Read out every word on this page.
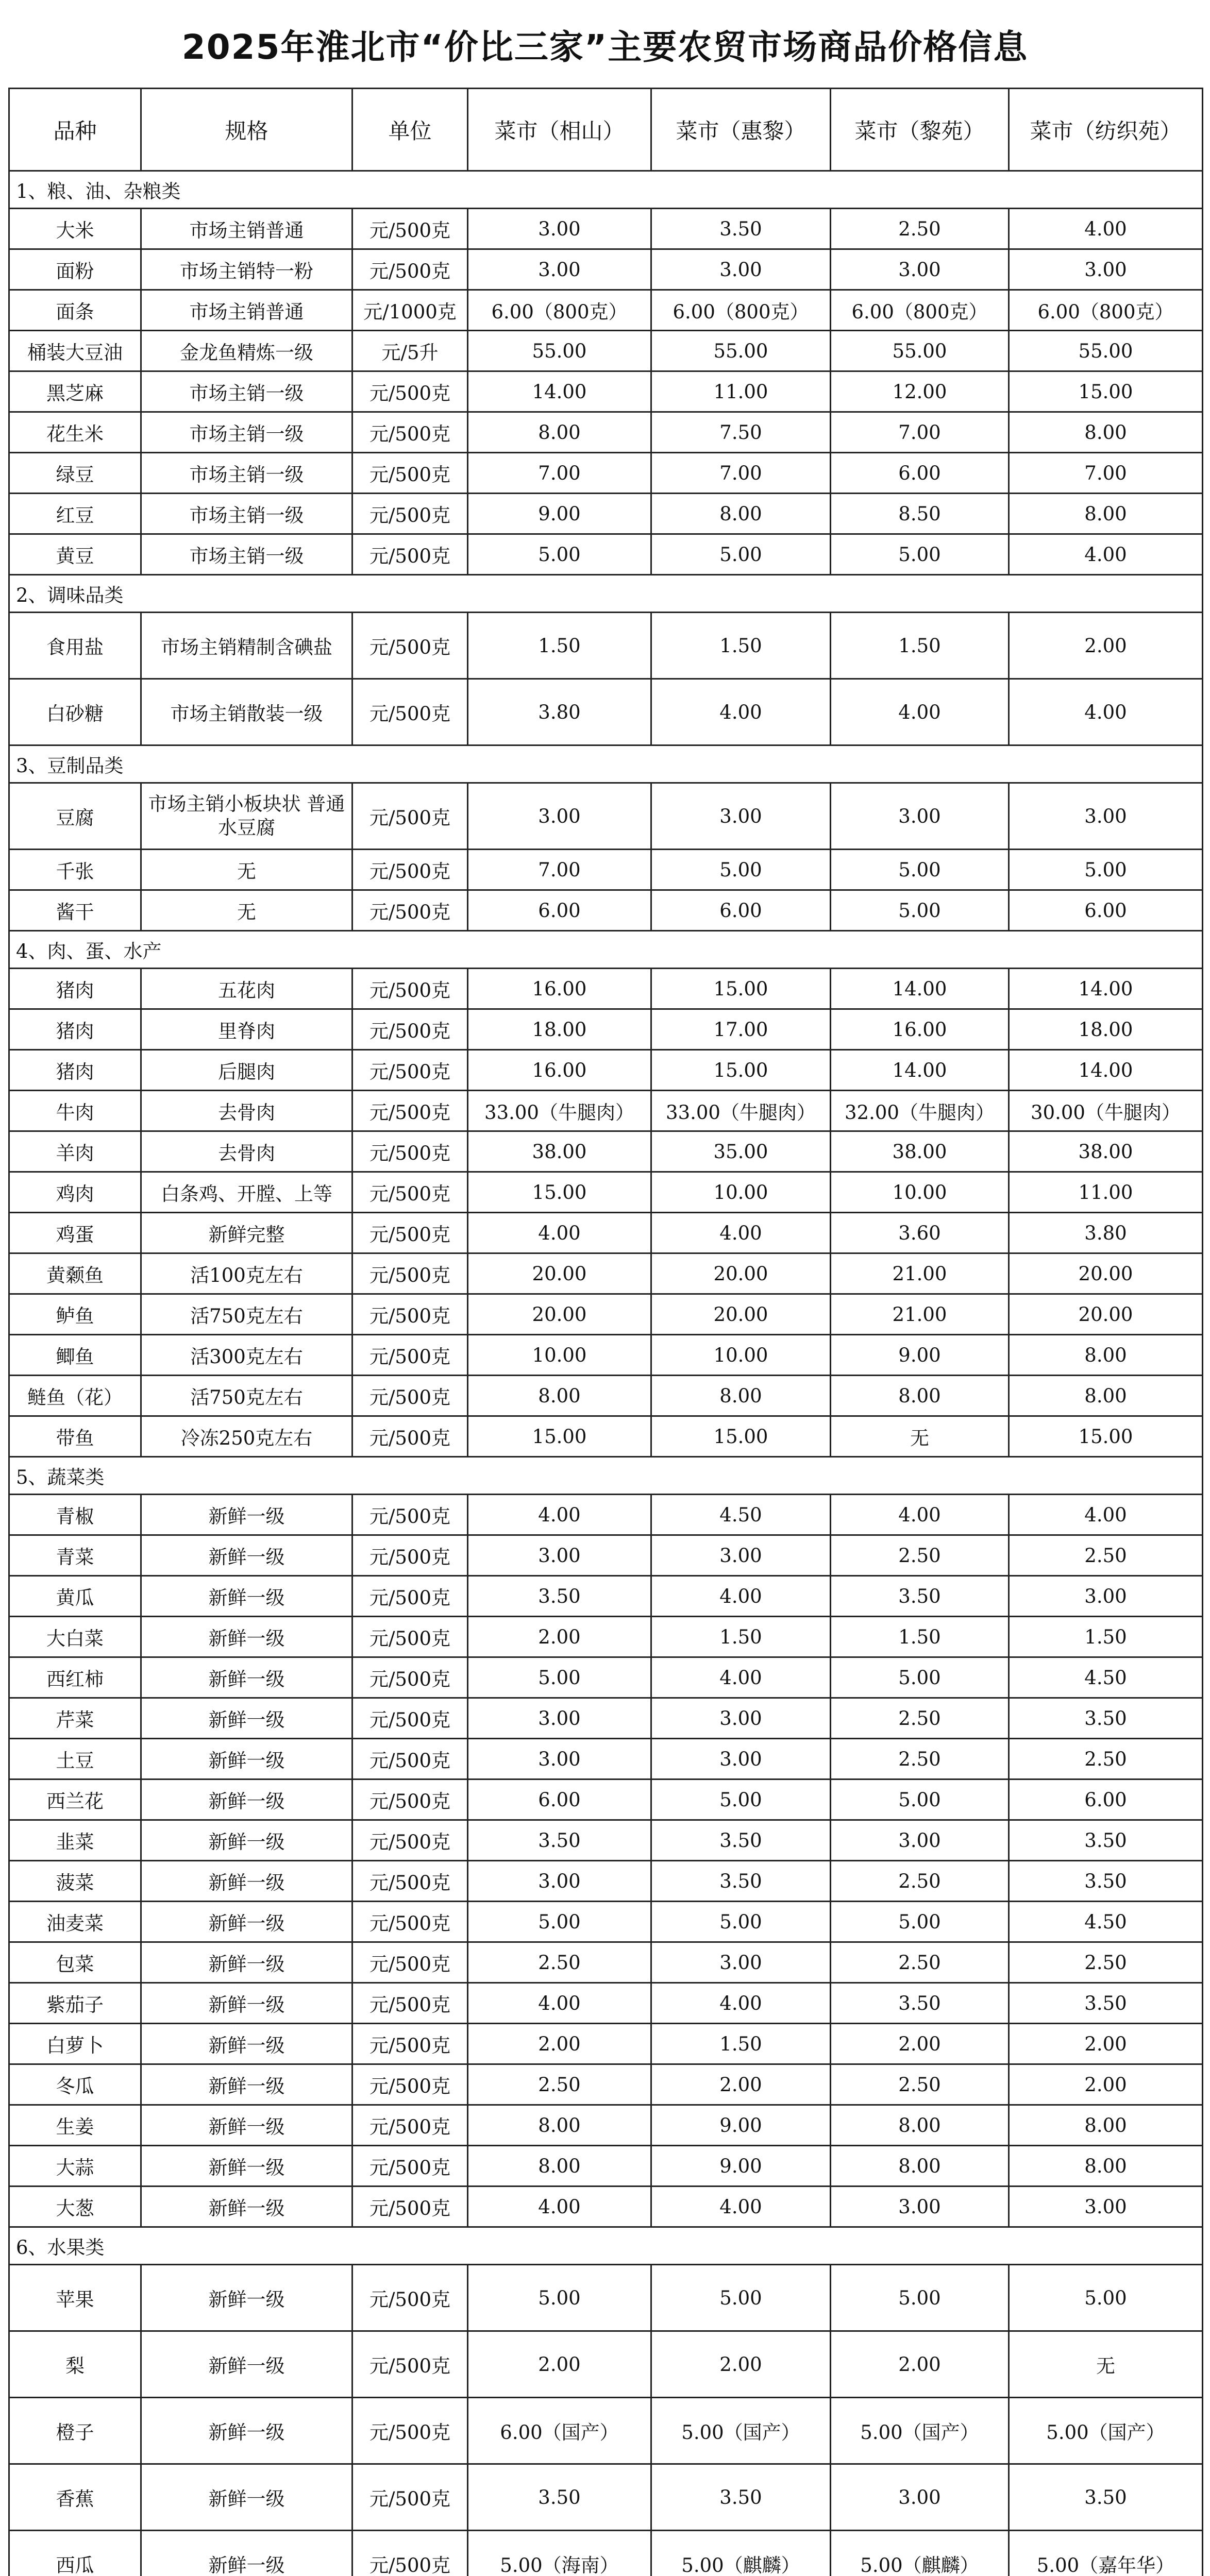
2025年淮北市“价比三家”主要农贸市场商品价格信息
品种	规格	单位	菜市（相山）	菜市（惠黎）	菜市（黎苑）	菜市（纺织苑）
1、粮、油、杂粮类						
大米	市场主销普通	元/500克	3.00	3.50	2.50	4.00
面粉	市场主销特一粉	元/500克	3.00	3.00	3.00	3.00
面条	市场主销普通	元/1000克	6.00（800克）	6.00（800克）	6.00（800克）	6.00（800克）
桶装大豆油	金龙鱼精炼一级	元/5升	55.00	55.00	55.00	55.00
黑芝麻	市场主销一级	元/500克	14.00	11.00	12.00	15.00
花生米	市场主销一级	元/500克	8.00	7.50	7.00	8.00
绿豆	市场主销一级	元/500克	7.00	7.00	6.00	7.00
红豆	市场主销一级	元/500克	9.00	8.00	8.50	8.00
黄豆	市场主销一级	元/500克	5.00	5.00	5.00	4.00
2、调味品类						
食用盐	市场主销精制含碘盐	元/500克	1.50	1.50	1.50	2.00
白砂糖	市场主销散装一级	元/500克	3.80	4.00	4.00	4.00
3、豆制品类						
豆腐	市场主销小板块状 普通水豆腐	元/500克	3.00	3.00	3.00	3.00
千张	无	元/500克	7.00	5.00	5.00	5.00
酱干	无	元/500克	6.00	6.00	5.00	6.00
4、肉、蛋、水产						
猪肉	五花肉	元/500克	16.00	15.00	14.00	14.00
猪肉	里脊肉	元/500克	18.00	17.00	16.00	18.00
猪肉	后腿肉	元/500克	16.00	15.00	14.00	14.00
牛肉	去骨肉	元/500克	33.00（牛腿肉）	33.00（牛腿肉）	32.00（牛腿肉）	30.00（牛腿肉）
羊肉	去骨肉	元/500克	38.00	35.00	38.00	38.00
鸡肉	白条鸡、开膛、上等	元/500克	15.00	10.00	10.00	11.00
鸡蛋	新鲜完整	元/500克	4.00	4.00	3.60	3.80
黄颡鱼	活100克左右	元/500克	20.00	20.00	21.00	20.00
鲈鱼	活750克左右	元/500克	20.00	20.00	21.00	20.00
鲫鱼	活300克左右	元/500克	10.00	10.00	9.00	8.00
鲢鱼（花）	活750克左右	元/500克	8.00	8.00	8.00	8.00
带鱼	冷冻250克左右	元/500克	15.00	15.00	无	15.00
5、蔬菜类						
青椒	新鲜一级	元/500克	4.00	4.50	4.00	4.00
青菜	新鲜一级	元/500克	3.00	3.00	2.50	2.50
黄瓜	新鲜一级	元/500克	3.50	4.00	3.50	3.00
大白菜	新鲜一级	元/500克	2.00	1.50	1.50	1.50
西红柿	新鲜一级	元/500克	5.00	4.00	5.00	4.50
芹菜	新鲜一级	元/500克	3.00	3.00	2.50	3.50
土豆	新鲜一级	元/500克	3.00	3.00	2.50	2.50
西兰花	新鲜一级	元/500克	6.00	5.00	5.00	6.00
韭菜	新鲜一级	元/500克	3.50	3.50	3.00	3.50
菠菜	新鲜一级	元/500克	3.00	3.50	2.50	3.50
油麦菜	新鲜一级	元/500克	5.00	5.00	5.00	4.50
包菜	新鲜一级	元/500克	2.50	3.00	2.50	2.50
紫茄子	新鲜一级	元/500克	4.00	4.00	3.50	3.50
白萝卜	新鲜一级	元/500克	2.00	1.50	2.00	2.00
冬瓜	新鲜一级	元/500克	2.50	2.00	2.50	2.00
生姜	新鲜一级	元/500克	8.00	9.00	8.00	8.00
大蒜	新鲜一级	元/500克	8.00	9.00	8.00	8.00
大葱	新鲜一级	元/500克	4.00	4.00	3.00	3.00
6、水果类						
苹果	新鲜一级	元/500克	5.00	5.00	5.00	5.00
梨	新鲜一级	元/500克	2.00	2.00	2.00	无
橙子	新鲜一级	元/500克	6.00（国产）	5.00（国产）	5.00（国产）	5.00（国产）
香蕉	新鲜一级	元/500克	3.50	3.50	3.00	3.50
西瓜	新鲜一级	元/500克	5.00（海南）	5.00（麒麟）	5.00（麒麟）	5.00（嘉年华）
